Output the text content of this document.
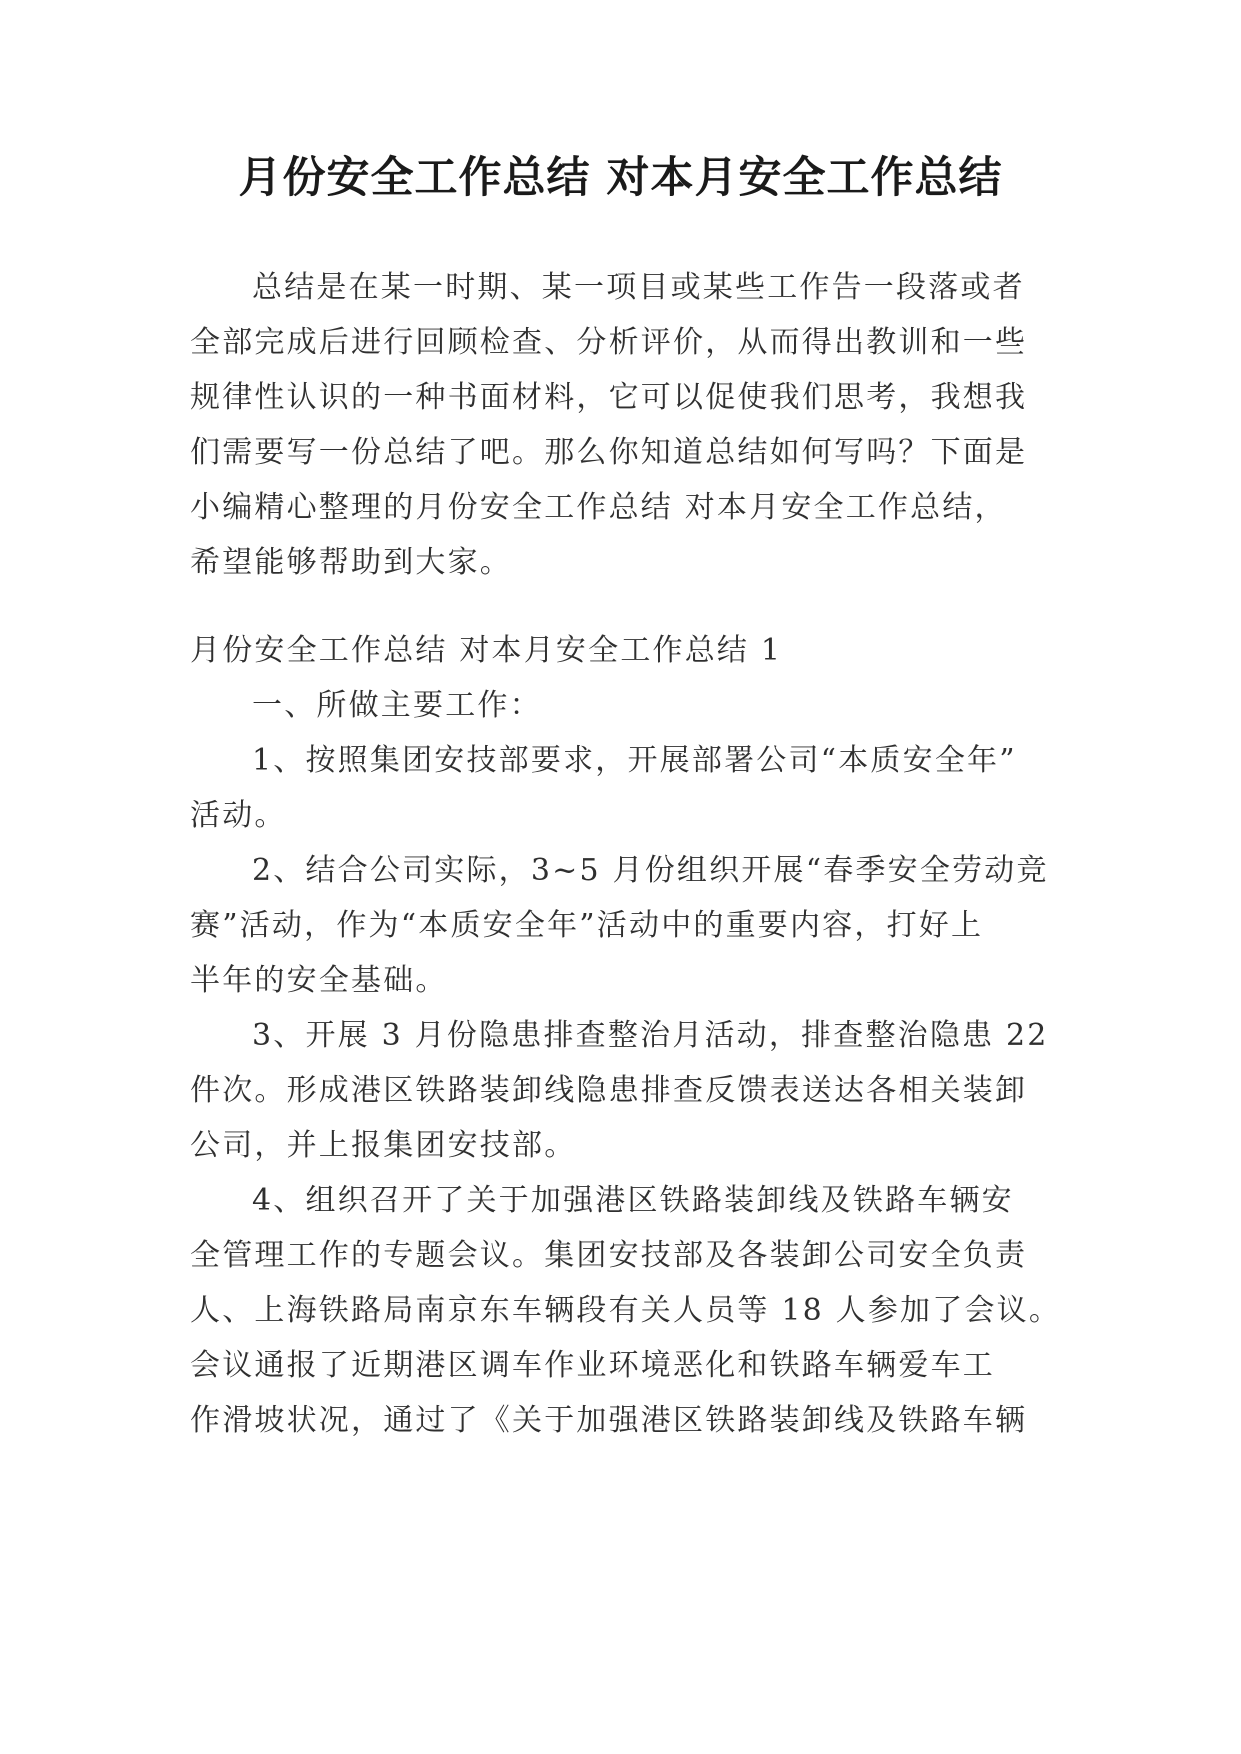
月份安全工作总结 对本月安全工作总结
总结是在某一时期、某一项目或某些工作告一段落或者
全部完成后进行回顾检查、分析评价，从而得出教训和一些
规律性认识的一种书面材料，它可以促使我们思考，我想我
们需要写一份总结了吧。那么你知道总结如何写吗？下面是
小编精心整理的月份安全工作总结 对本月安全工作总结，
希望能够帮助到大家。
月份安全工作总结 对本月安全工作总结 1
一、所做主要工作：
1、按照集团安技部要求，开展部署公司“本质安全年”
活动。
2、结合公司实际，3~5 月份组织开展“春季安全劳动竞
赛”活动，作为“本质安全年”活动中的重要内容，打好上
半年的安全基础。
3、开展 3 月份隐患排查整治月活动，排查整治隐患 22
件次。形成港区铁路装卸线隐患排查反馈表送达各相关装卸
公司，并上报集团安技部。
4、组织召开了关于加强港区铁路装卸线及铁路车辆安
全管理工作的专题会议。集团安技部及各装卸公司安全负责
人、上海铁路局南京东车辆段有关人员等 18 人参加了会议。
会议通报了近期港区调车作业环境恶化和铁路车辆爱车工
作滑坡状况，通过了《关于加强港区铁路装卸线及铁路车辆
